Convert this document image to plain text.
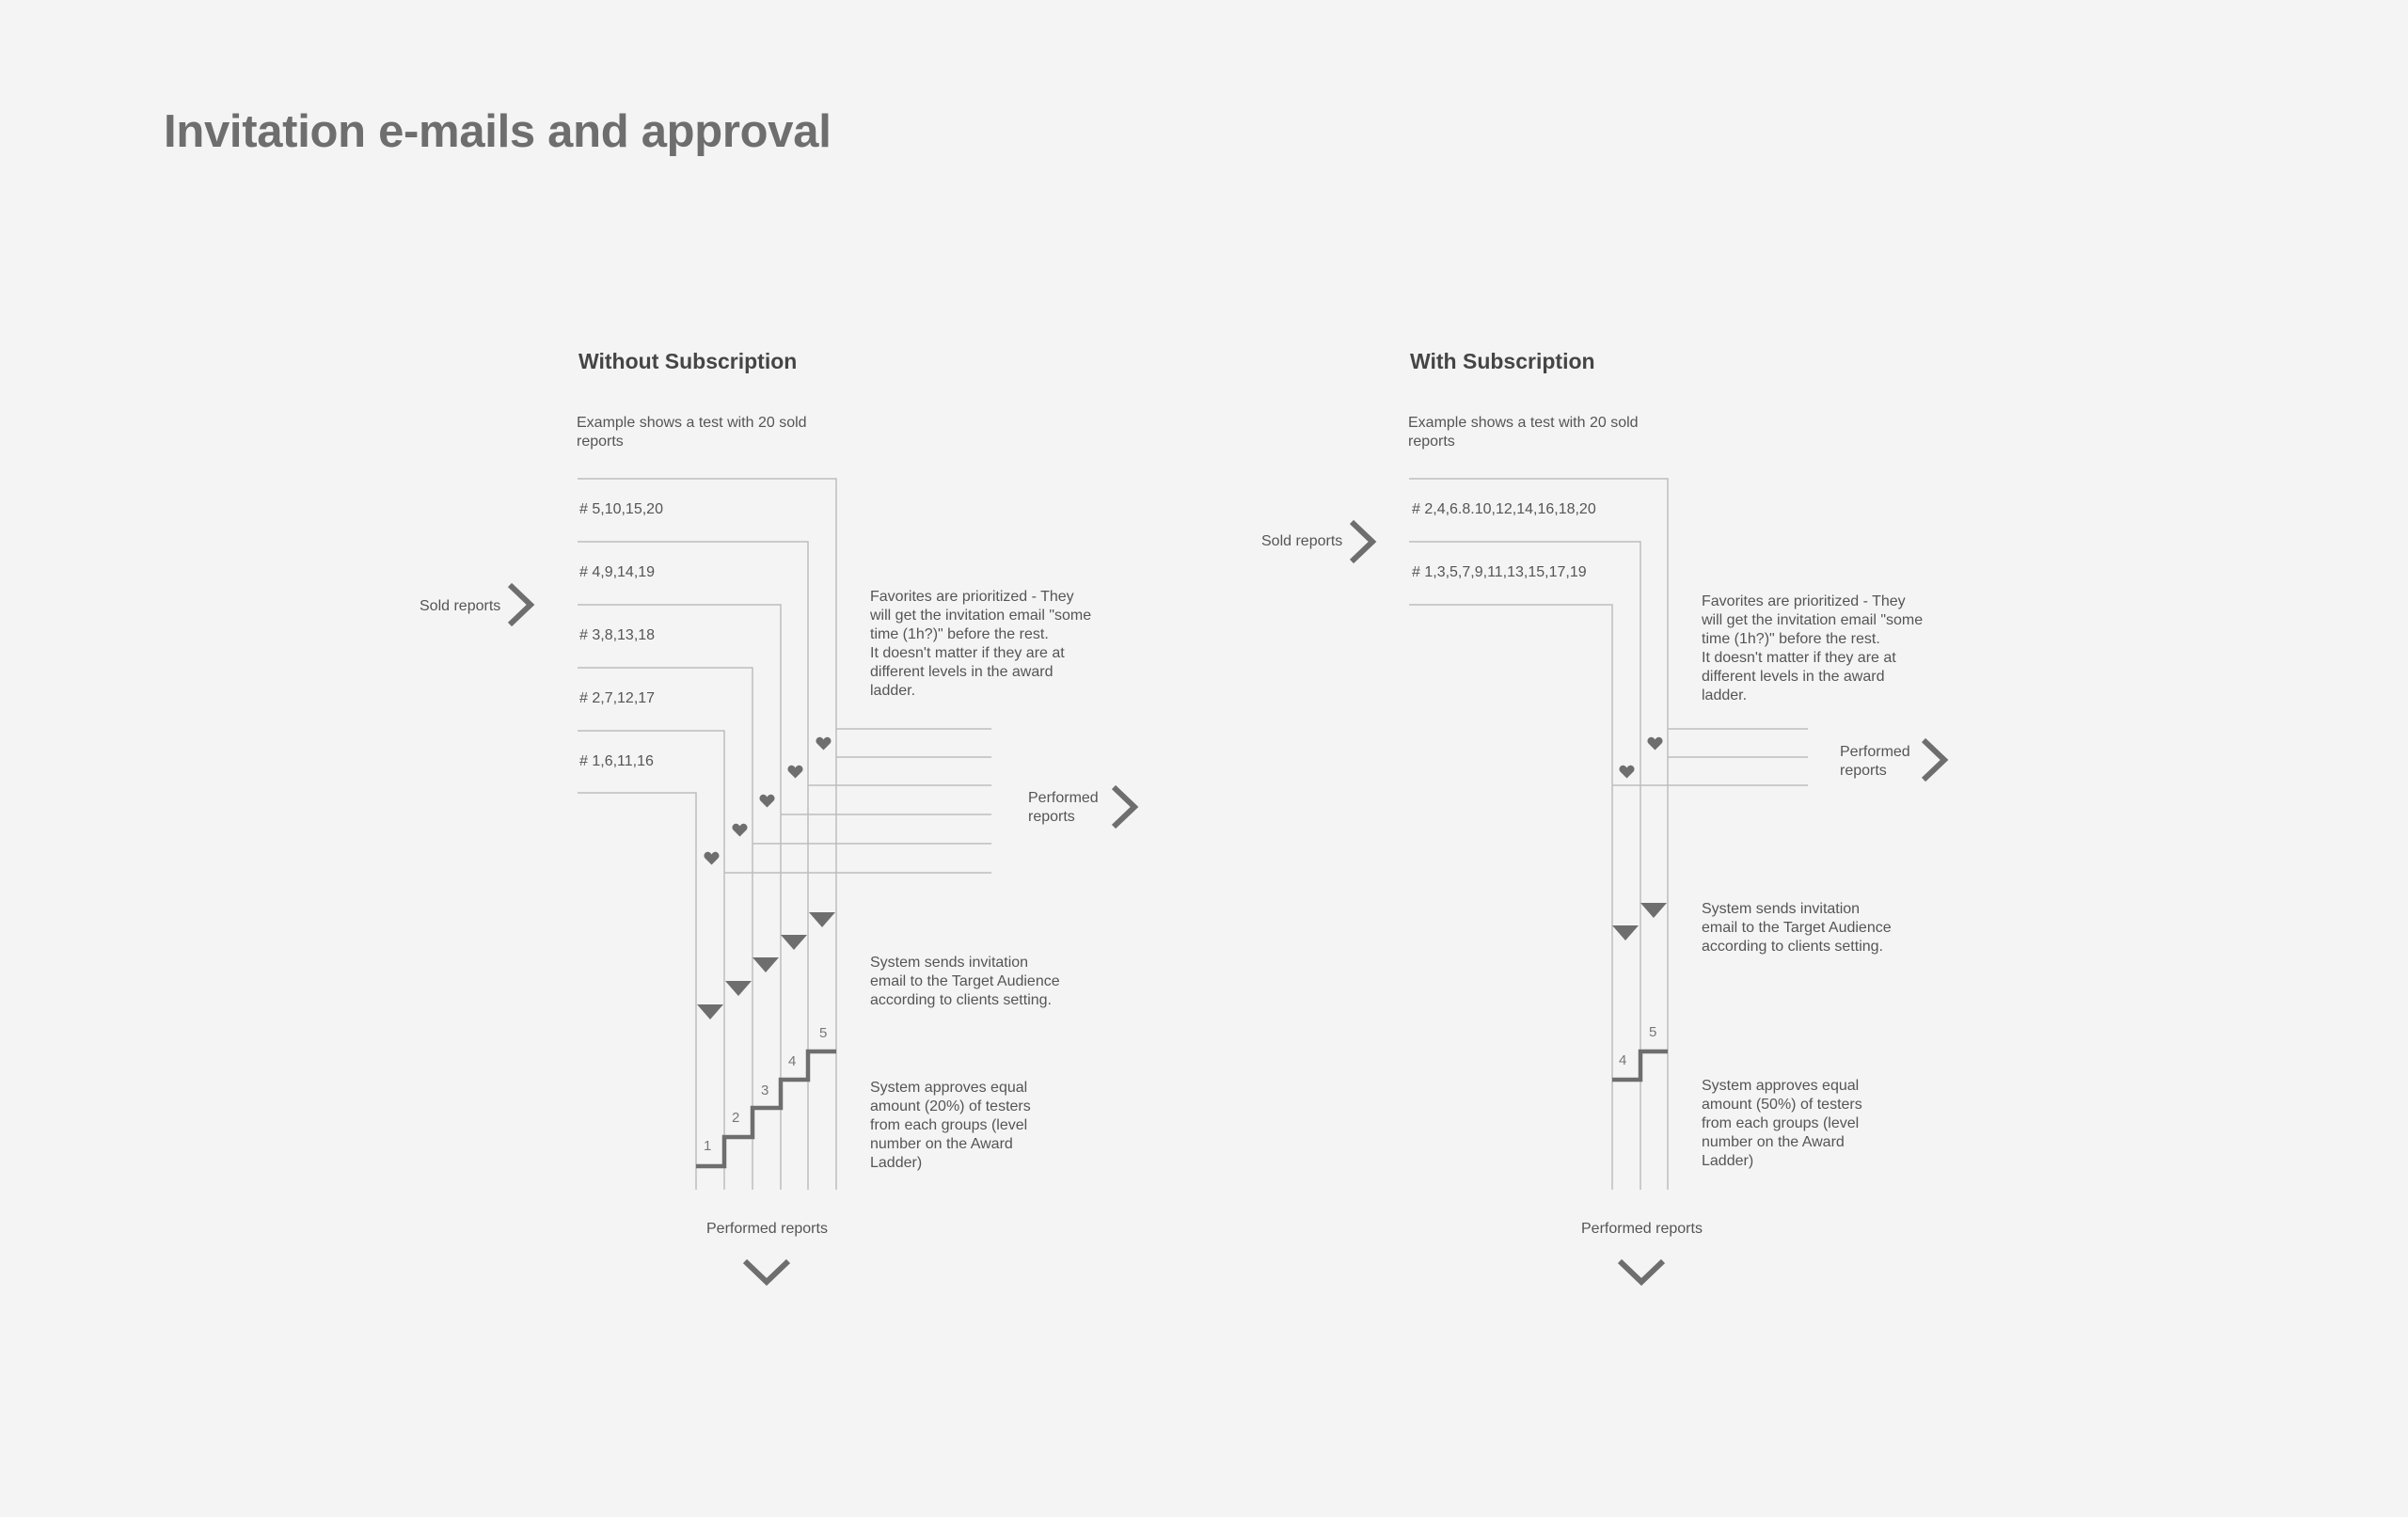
Invitation e-mails and approval
Without Subscription
Example shows a test with 20 sold
reports
# 5,10,15,20
# 4,9,14,19
# 3,8,13,18
# 2,7,12,17
# 1,6,11,16
Sold reports
Favorites are prioritized - They
will get the invitation email "some
time (1h?)" before the rest.
It doesn't matter if they are at
different levels in the award
ladder.
Performed
reports
System sends invitation
email to the Target Audience
according to clients setting.
System approves equal
amount (20%) of testers
from each groups (level
number on the Award
Ladder)
1
2
3
4
5
Performed reports
With Subscription
Example shows a test with 20 sold
reports
# 2,4,6.8.10,12,14,16,18,20
# 1,3,5,7,9,11,13,15,17,19
Sold reports
Favorites are prioritized - They
will get the invitation email "some
time (1h?)" before the rest.
It doesn't matter if they are at
different levels in the award
ladder.
Performed
reports
System sends invitation
email to the Target Audience
according to clients setting.
System approves equal
amount (50%) of testers
from each groups (level
number on the Award
Ladder)
4
5
Performed reports
